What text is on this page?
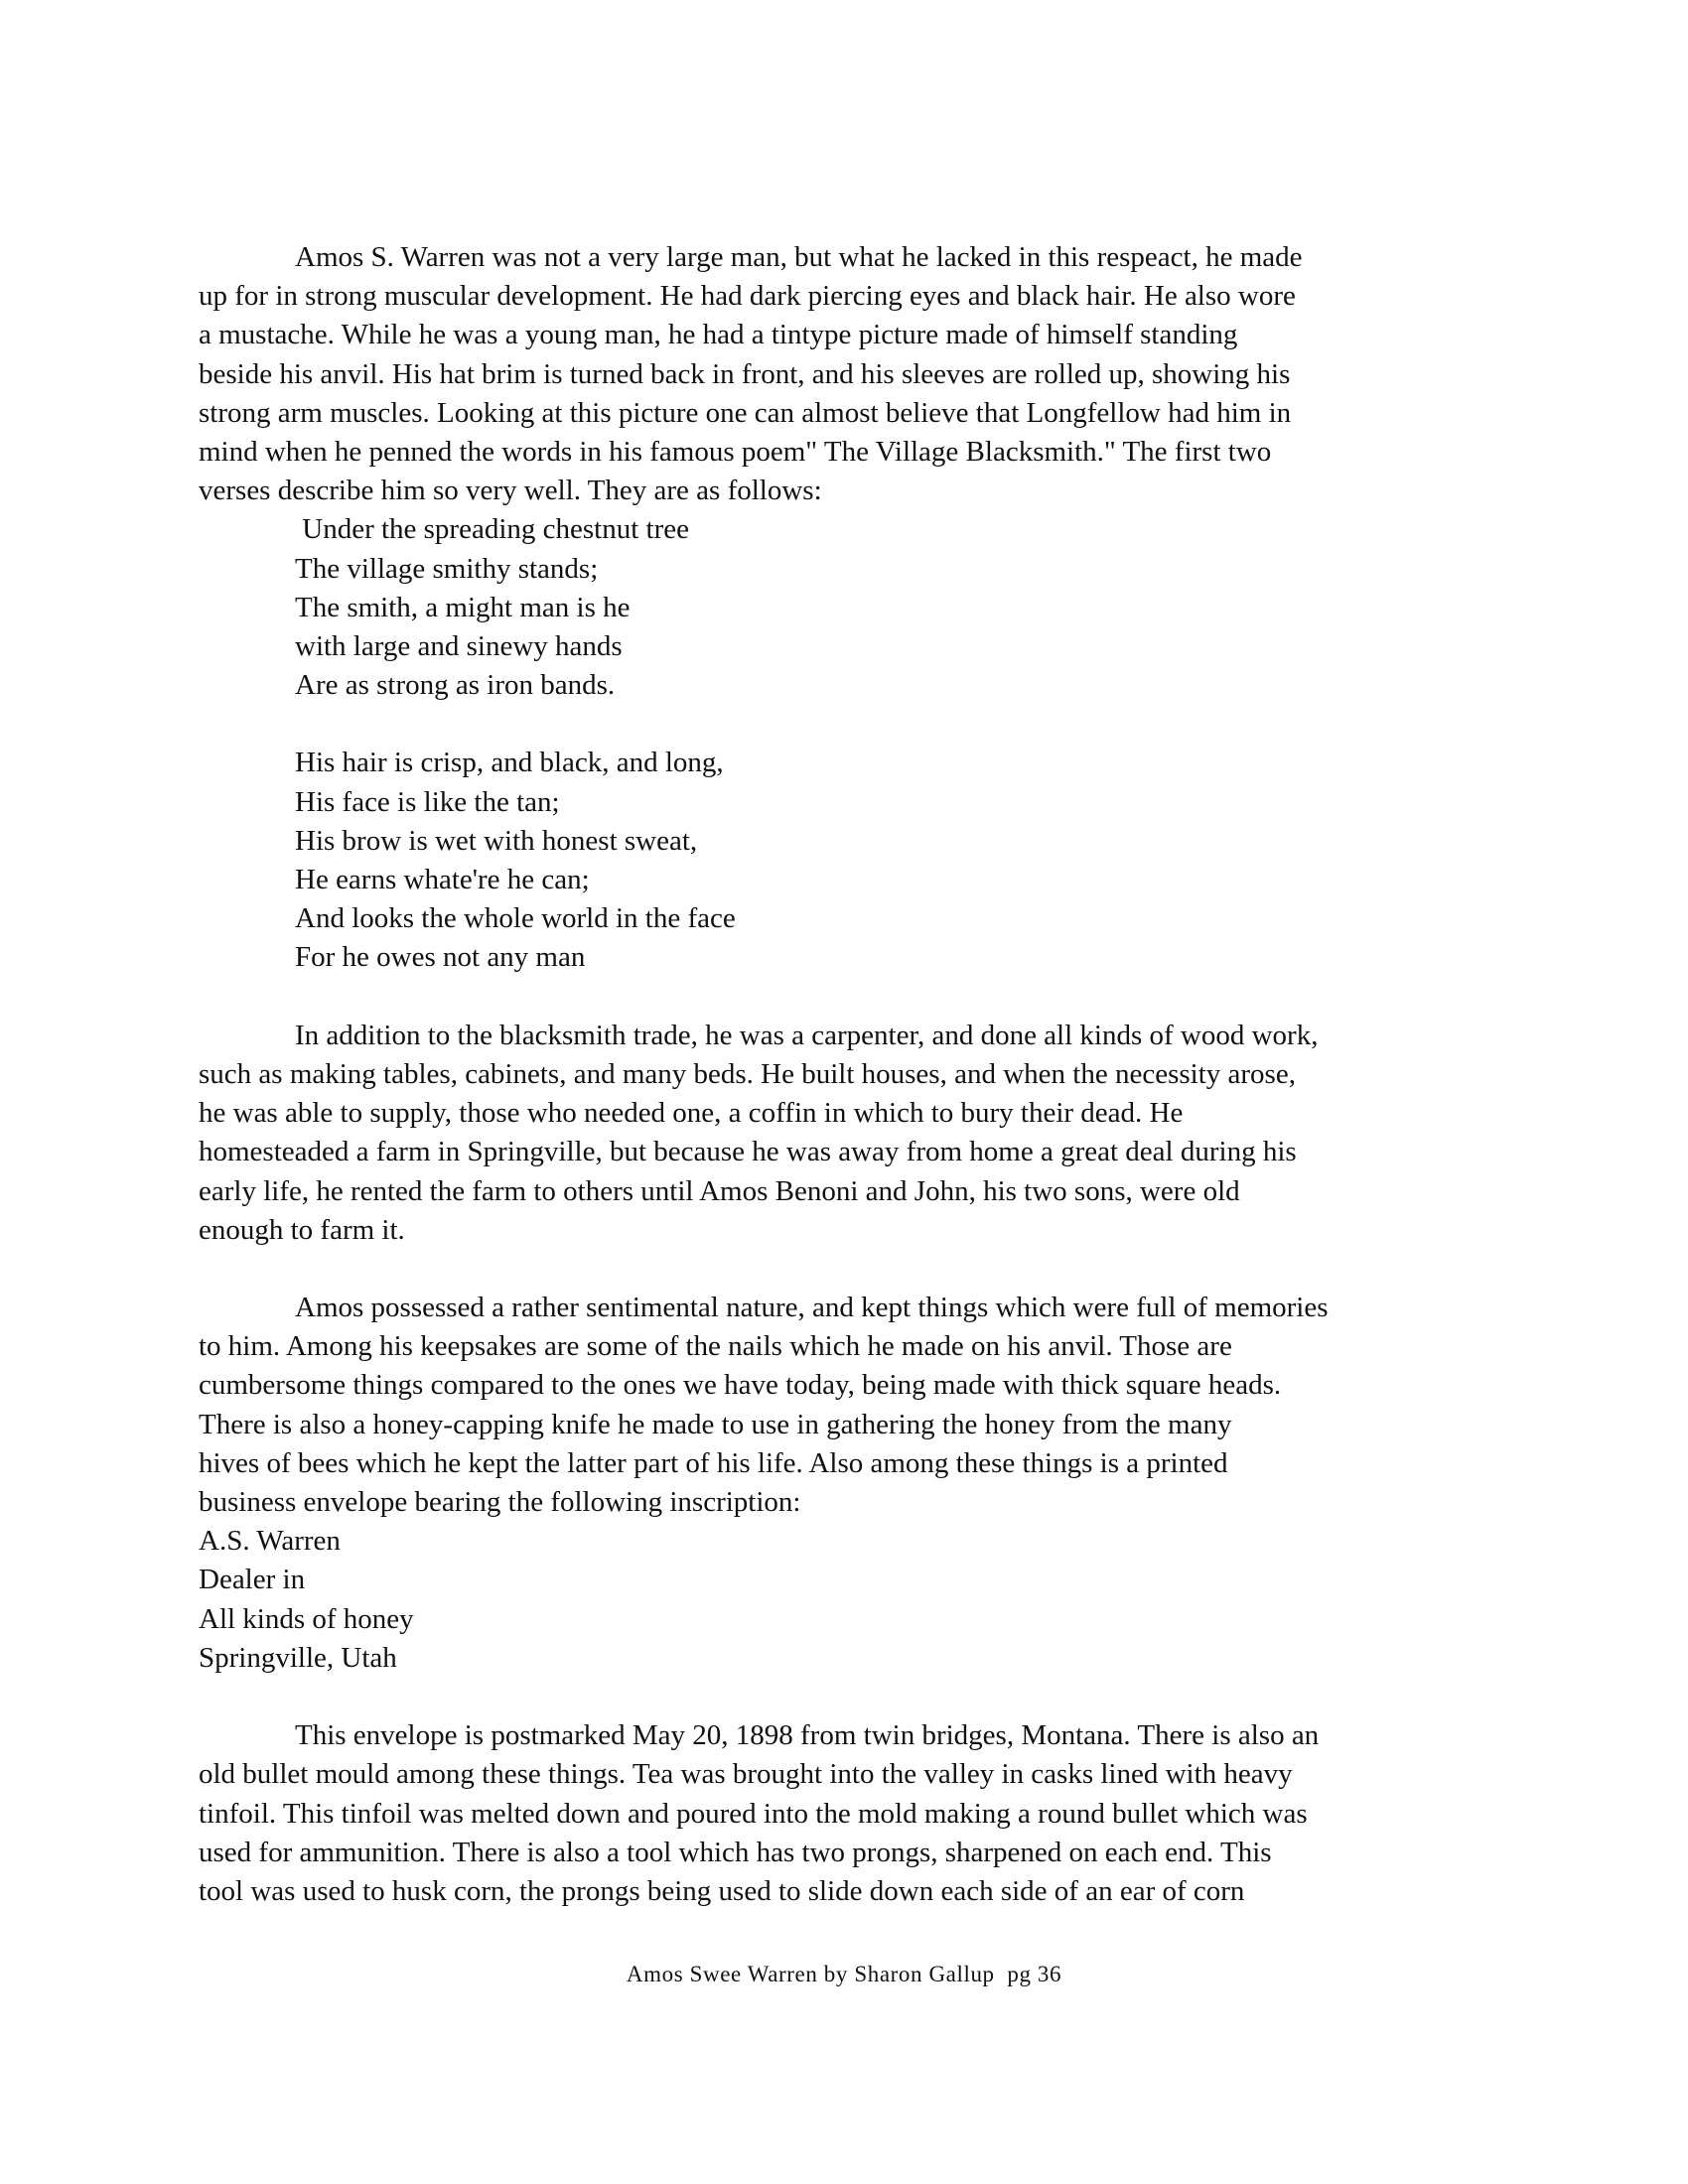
Amos S. Warren was not a very large man, but what he lacked in this respeact, he made
up for in strong muscular development. He had dark piercing eyes and black hair. He also wore
a mustache. While he was a young man, he had a tintype picture made of himself standing
beside his anvil. His hat brim is turned back in front, and his sleeves are rolled up, showing his
strong arm muscles. Looking at this picture one can almost believe that Longfellow had him in
mind when he penned the words in his famous poem" The Village Blacksmith." The first two
verses describe him so very well. They are as follows:
Under the spreading chestnut tree
The village smithy stands;
The smith, a might man is he
with large and sinewy hands
Are as strong as iron bands.
His hair is crisp, and black, and long,
His face is like the tan;
His brow is wet with honest sweat,
He earns whate're he can;
And looks the whole world in the face
For he owes not any man
In addition to the blacksmith trade, he was a carpenter, and done all kinds of wood work,
such as making tables, cabinets, and many beds. He built houses, and when the necessity arose,
he was able to supply, those who needed one, a coffin in which to bury their dead. He
homesteaded a farm in Springville, but because he was away from home a great deal during his
early life, he rented the farm to others until Amos Benoni and John, his two sons, were old
enough to farm it.
Amos possessed a rather sentimental nature, and kept things which were full of memories
to him. Among his keepsakes are some of the nails which he made on his anvil. Those are
cumbersome things compared to the ones we have today, being made with thick square heads.
There is also a honey-capping knife he made to use in gathering the honey from the many
hives of bees which he kept the latter part of his life. Also among these things is a printed
business envelope bearing the following inscription:
A.S. Warren
Dealer in
All kinds of honey
Springville, Utah
This envelope is postmarked May 20, 1898 from twin bridges, Montana. There is also an
old bullet mould among these things. Tea was brought into the valley in casks lined with heavy
tinfoil. This tinfoil was melted down and poured into the mold making a round bullet which was
used for ammunition. There is also a tool which has two prongs, sharpened on each end. This
tool was used to husk corn, the prongs being used to slide down each side of an ear of corn
Amos Swee Warren by Sharon Gallup  pg 36
